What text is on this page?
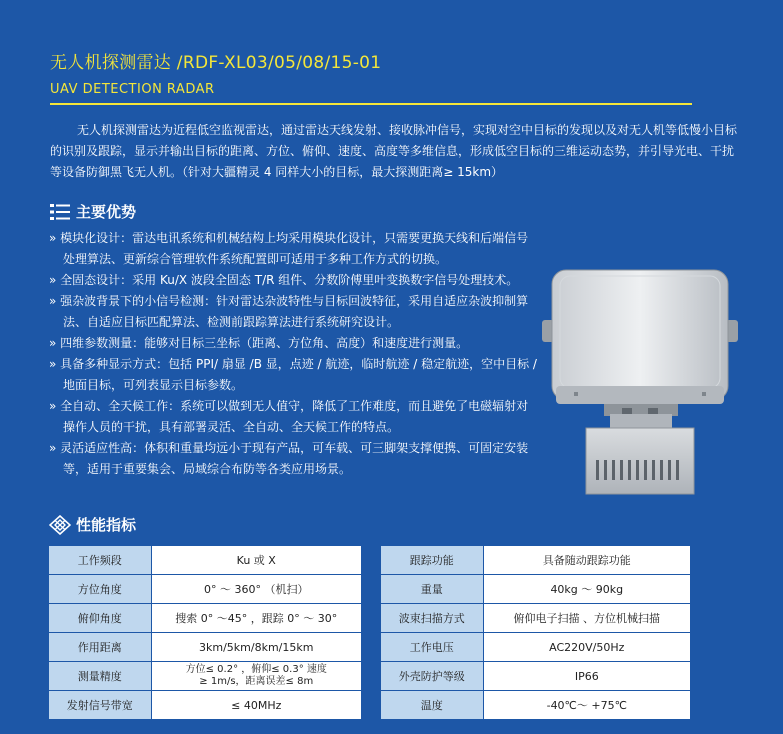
无人机探测雷达 /RDF-XL03/05/08/15-01
UAV DETECTION RADAR

无人机探测雷达为近程低空监视雷达，通过雷达天线发射、接收脉冲信号，实现对空中目标的发现以及对无人机等低慢小目标的识别及跟踪，显示并输出目标的距离、方位、俯仰、速度、高度等多维信息，形成低空目标的三维运动态势，并引导光电、干扰等设备防御黑飞无人机。（针对大疆精灵 4 同样大小的目标，最大探测距离≥ 15km）

主要优势

» 模块化设计：雷达电讯系统和机械结构上均采用模块化设计，只需要更换天线和后端信号处理算法、更新综合管理软件系统配置即可适用于多种工作方式的切换。

» 全固态设计：采用 Ku/X 波段全固态 T/R 组件、分数阶傅里叶变换数字信号处理技术。

» 强杂波背景下的小信号检测：针对雷达杂波特性与目标回波特征，采用自适应杂波抑制算法、自适应目标匹配算法、检测前跟踪算法进行系统研究设计。

» 四维参数测量：能够对目标三坐标（距离、方位角、高度）和速度进行测量。

» 具备多种显示方式：包括 PPI/ 扇显 /B 显，点迹 / 航迹，临时航迹 / 稳定航迹，空中目标 / 地面目标，可列表显示目标参数。

» 全自动、全天候工作：系统可以做到无人值守，降低了工作难度，而且避免了电磁辐射对操作人员的干扰，具有部署灵活、全自动、全天候工作的特点。

» 灵活适应性高：体积和重量均远小于现有产品，可车载、可三脚架支撑便携、可固定安装等，适用于重要集会、局域综合布防等各类应用场景。

性能指标
工作频段	Ku 或 X
方位角度	0° ～ 360° （机扫）
俯仰角度	搜索 0° ～45° ，跟踪 0° ～ 30°
作用距离	3km/5km/8km/15km
测量精度	方位≤ 0.2° ，俯仰≤ 0.3° 速度
≥ 1m/s，距离误差≤ 8m

发射信号带宽	≤ 40MHz
跟踪功能	具备随动跟踪功能
重量	40kg ～ 90kg
波束扫描方式	俯仰电子扫描 、方位机械扫描
工作电压	AC220V/50Hz
外壳防护等级	IP66
温度	-40℃～ +75℃
